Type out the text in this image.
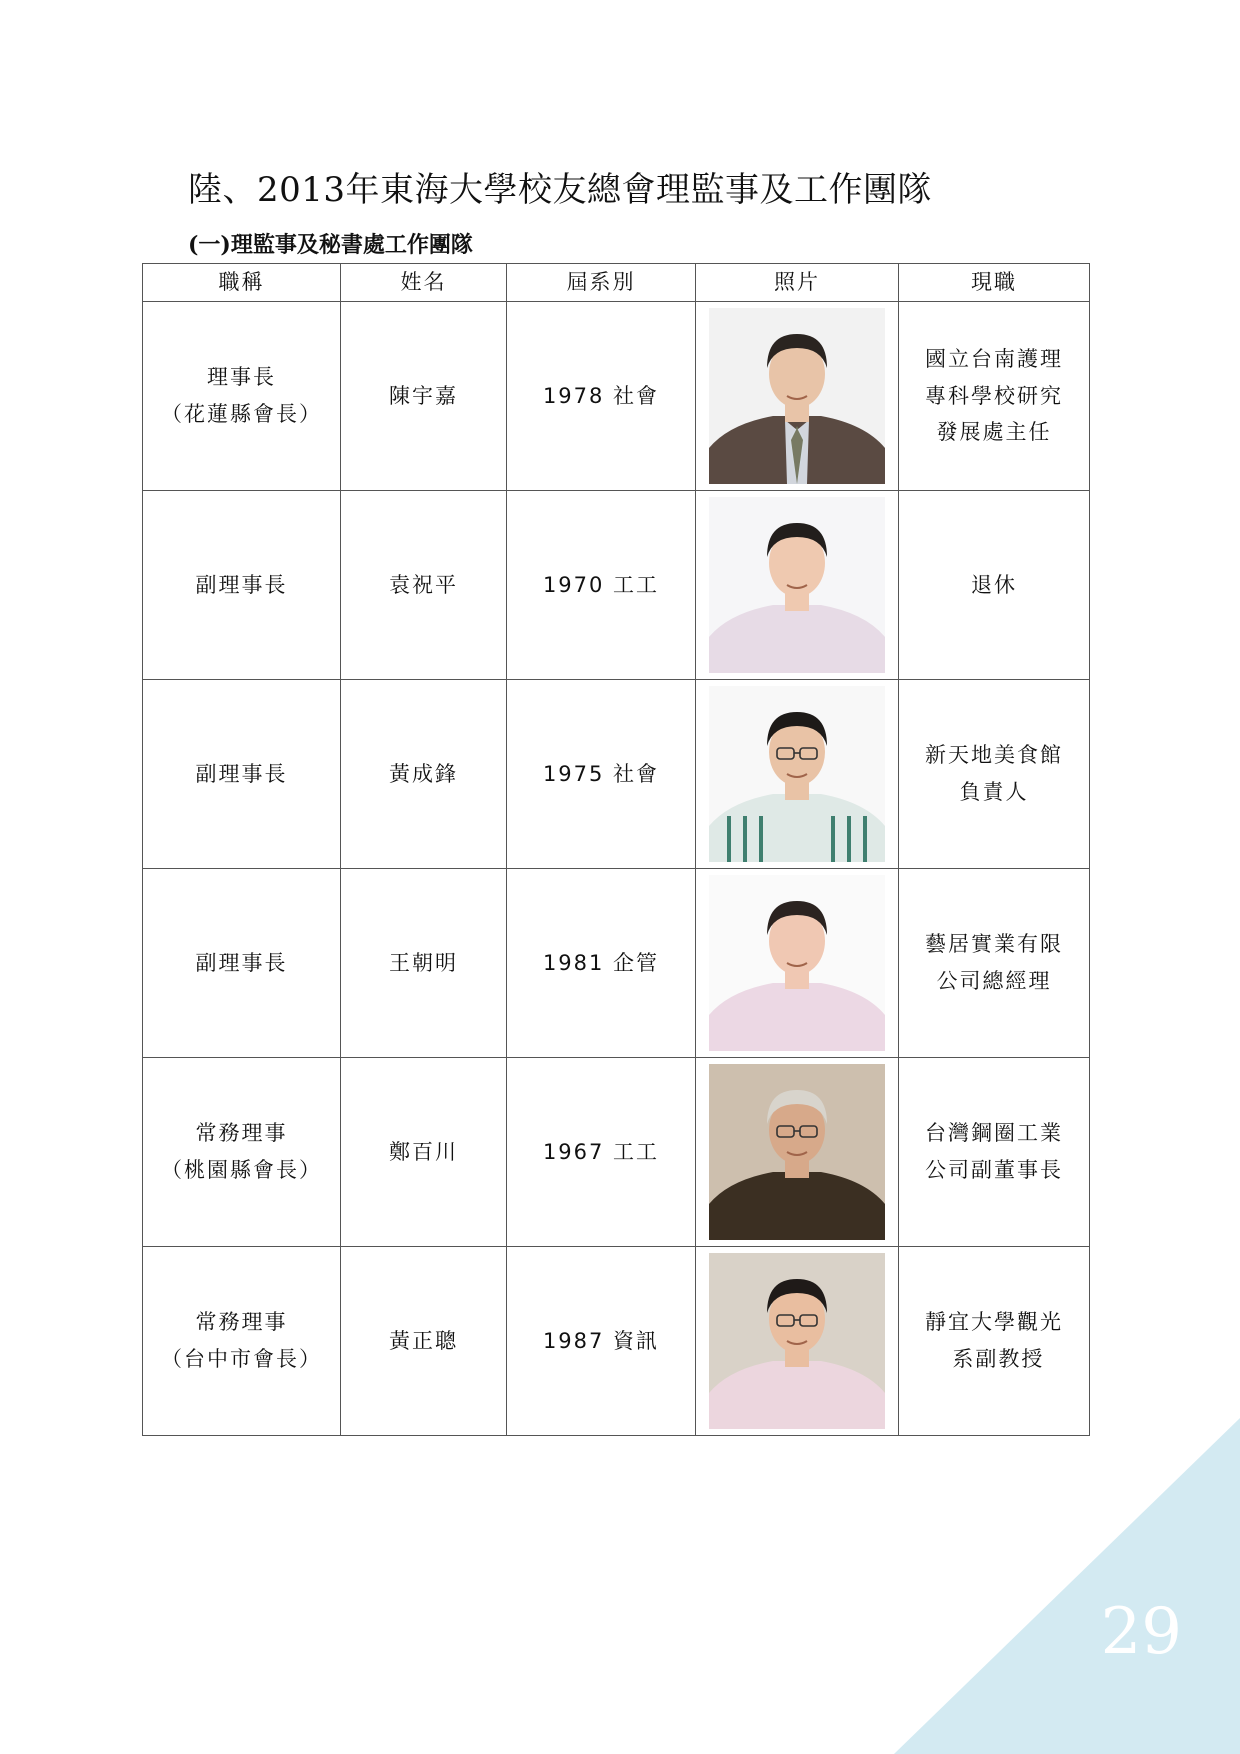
陸、2013年東海大學校友總會理監事及工作團隊
(一)理監事及秘書處工作團隊
職稱	姓名	屆系別	照片	現職

理事長
（花蓮縣會長）	陳宇嘉	1978 社會		國立台南護理
專科學校研究
發展處主任

副理事長	袁祝平	1970 工工		退休

副理事長	黃成鋒	1975 社會		新天地美食館
負責人

副理事長	王朝明	1981 企管		藝居實業有限
公司總經理

常務理事
（桃園縣會長）	鄭百川	1967 工工		台灣鋼圈工業
公司副董事長

常務理事
（台中市會長）	黃正聰	1987 資訊		靜宜大學觀光
系副教授
29
